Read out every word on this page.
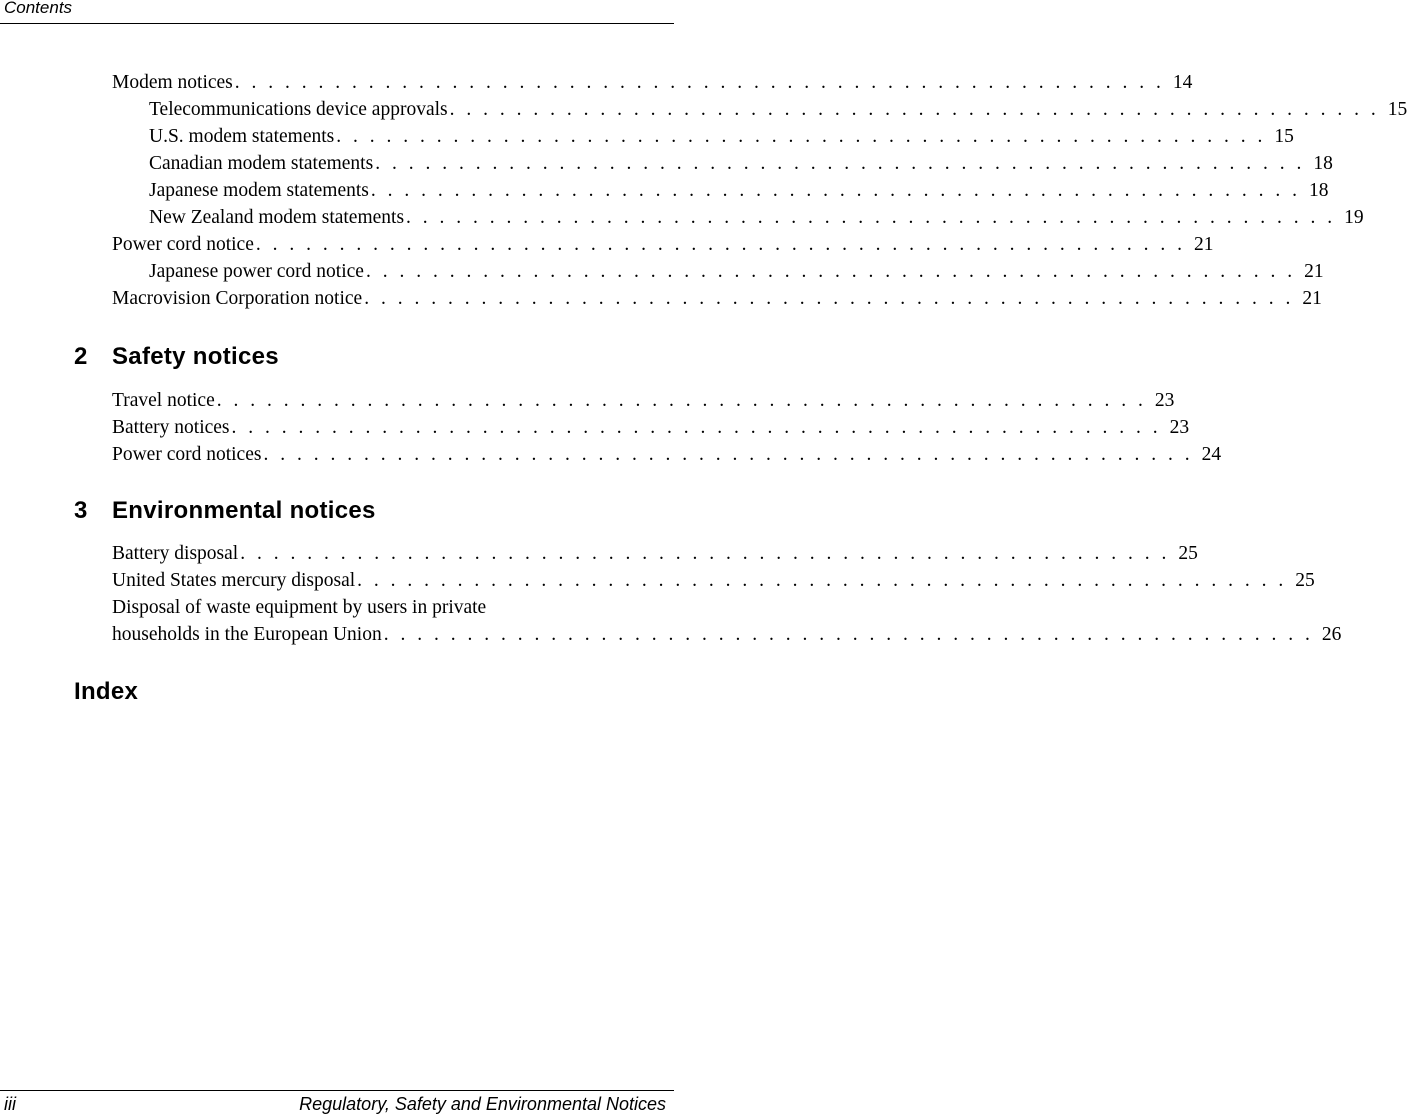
Contents
Modem notices . . . . . . . . . . . . . . . . . . . . . . . . . . . . . . . . . . . . . . . . . . . . . . . . . . . . . . . . 14
Telecommunications device approvals . . . . . . . . . . . . . . . . . . . . . . . . . . . . . . . . . . . . . . . . . . . . . . . . . . . . . . . . 15
U.S. modem statements . . . . . . . . . . . . . . . . . . . . . . . . . . . . . . . . . . . . . . . . . . . . . . . . . . . . . . . . 15
Canadian modem statements . . . . . . . . . . . . . . . . . . . . . . . . . . . . . . . . . . . . . . . . . . . . . . . . . . . . . . . . 18
Japanese modem statements . . . . . . . . . . . . . . . . . . . . . . . . . . . . . . . . . . . . . . . . . . . . . . . . . . . . . . . . 18
New Zealand modem statements . . . . . . . . . . . . . . . . . . . . . . . . . . . . . . . . . . . . . . . . . . . . . . . . . . . . . . . . 19
Power cord notice . . . . . . . . . . . . . . . . . . . . . . . . . . . . . . . . . . . . . . . . . . . . . . . . . . . . . . . . 21
Japanese power cord notice . . . . . . . . . . . . . . . . . . . . . . . . . . . . . . . . . . . . . . . . . . . . . . . . . . . . . . . . 21
Macrovision Corporation notice . . . . . . . . . . . . . . . . . . . . . . . . . . . . . . . . . . . . . . . . . . . . . . . . . . . . . . . . 21
2 Safety notices
Travel notice . . . . . . . . . . . . . . . . . . . . . . . . . . . . . . . . . . . . . . . . . . . . . . . . . . . . . . . . 23
Battery notices . . . . . . . . . . . . . . . . . . . . . . . . . . . . . . . . . . . . . . . . . . . . . . . . . . . . . . . . 23
Power cord notices . . . . . . . . . . . . . . . . . . . . . . . . . . . . . . . . . . . . . . . . . . . . . . . . . . . . . . . . 24
3 Environmental notices
Battery disposal . . . . . . . . . . . . . . . . . . . . . . . . . . . . . . . . . . . . . . . . . . . . . . . . . . . . . . . . 25
United States mercury disposal . . . . . . . . . . . . . . . . . . . . . . . . . . . . . . . . . . . . . . . . . . . . . . . . . . . . . . . . 25
Disposal of waste equipment by users in private
households in the European Union . . . . . . . . . . . . . . . . . . . . . . . . . . . . . . . . . . . . . . . . . . . . . . . . . . . . . . . . 26
Index
iii	Regulatory, Safety and Environmental Notices
